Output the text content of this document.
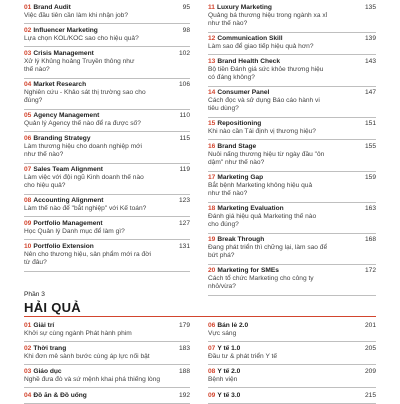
01 Brand Audit	95
Việc đầu tiên cần làm khi nhận job?
02 Influencer Marketing	98
Lựa chọn KOL/KOC sao cho hiệu quả?
03 Crisis Management	102
Xử lý Khủng hoảng Truyền thông như
thế nào?
04 Market Research	106
Nghiên cứu - Khảo sát thị trường sao cho
đúng?
05 Agency Management	110
Quản lý Agency thế nào để ra được số?
06 Branding Strategy	115
Làm thương hiệu cho doanh nghiệp mới
như thế nào?
07 Sales Team Alignment	119
Làm việc với đội ngũ Kinh doanh thế nào
cho hiệu quả?
08 Accounting Alignment	123
Làm thế nào để "bắt nghiệp" với Kế toán?
09 Portfolio Management	127
Học Quản lý Danh mục để làm gì?
10 Portfolio Extension	131
Nên cho thương hiệu, sản phẩm mới ra đời
từ đâu?
11 Luxury Marketing	135
Quảng bá thương hiệu trong ngành xa xỉ
như thế nào?
12 Communication Skill	139
Làm sao để giao tiếp hiệu quả hơn?
13 Brand Health Check	143
Bộ tiền Đánh giá sức khỏe thương hiệu
có đáng không?
14 Consumer Panel	147
Cách đọc và sử dụng Báo cáo hành vi
tiêu dùng?
15 Repositioning	151
Khi nào cần Tái định vị thương hiệu?
16 Brand Stage	155
Nuôi nấng thương hiệu từ ngày đầu "ôn
dậm" như thế nào?
17 Marketing Gap	159
Bắt bệnh Marketing không hiệu quả
như thế nào?
18 Marketing Evaluation	163
Đánh giá hiệu quả Marketing thế nào
cho đúng?
19 Break Through	168
Đang phát triển thì chững lại, làm sao để
bứt phá?
20 Marketing for SMEs	172
Cách tổ chức Marketing cho công ty
nhỏ/vừa?
Phần 3
HẢI QUẢ
01 Giải trí	179
Khởi sự cùng ngành Phát hành phim
02 Thời trang	183
Khi đơn mê sành bước cùng áp lực nối bật
03 Giáo dục	188
Nghề đưa đò và sứ mệnh khai phá thiếng lòng
04 Đồ ăn & Đồ uống	192
06 Bán lẻ 2.0	201
Vực sáng
07 Y tế 1.0	205
Đầu tư & phát triển Y tế
08 Y tế 2.0	209
Bệnh viện
09 Y tế 3.0	215
